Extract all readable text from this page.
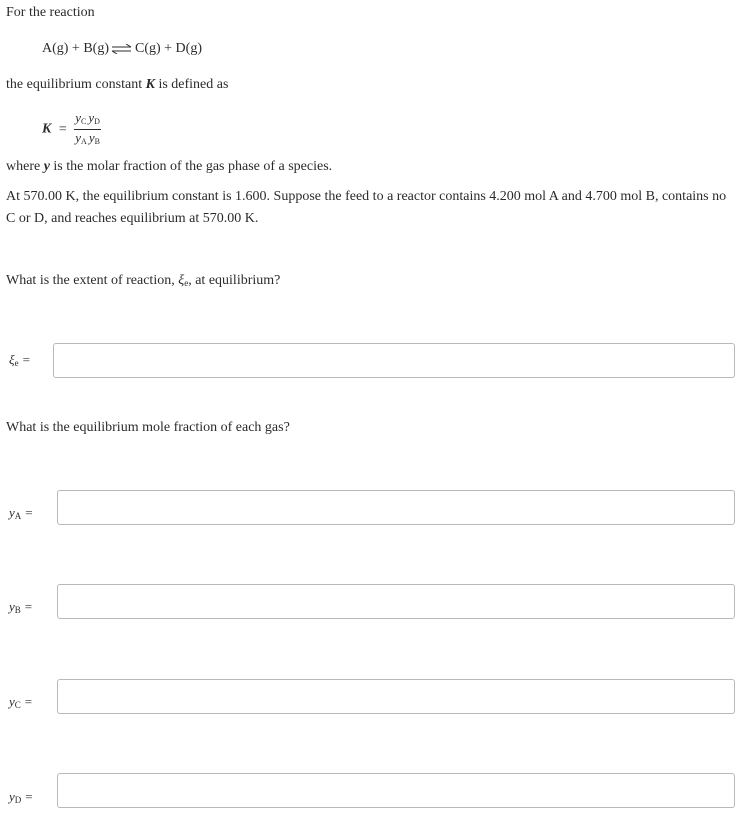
For the reaction
A(g) + B(g) ⇌ C(g) + D(g)
the equilibrium constant K is defined as
$K = \frac{y_C y_D}{y_A y_B}$
where y is the molar fraction of the gas phase of a species.
At 570.00 K, the equilibrium constant is 1.600. Suppose the feed to a reactor contains 4.200 mol A and 4.700 mol B, contains no
C or D, and reaches equilibrium at 570.00 K.
What is the extent of reaction, $\xi_e$, at equilibrium?
$\xi_e$ =
What is the equilibrium mole fraction of each gas?
$y_A$ =
$y_B$ =
$y_C$ =
$y_D$ =
